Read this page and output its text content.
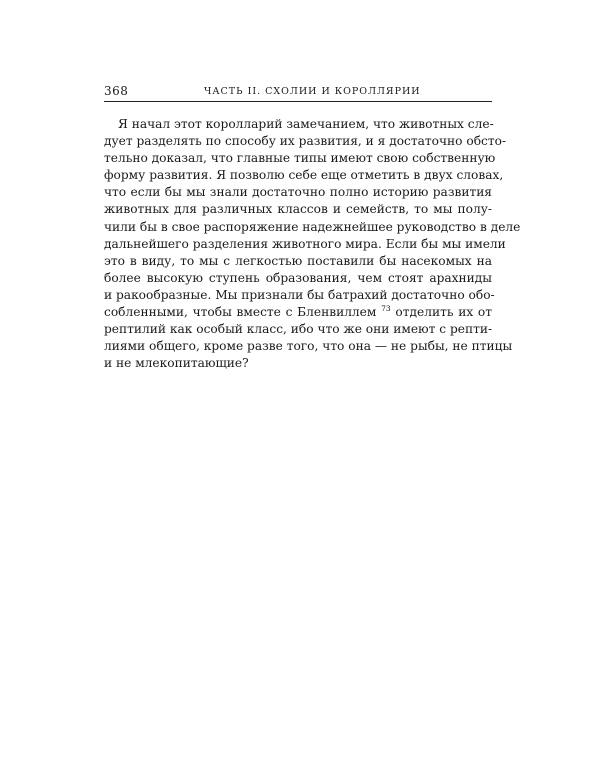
368	ЧАСТЬ II. СХОЛИИ И КОРОЛЛЯРИИ
Я начал этот королларий замечанием, что животных сле-
дует разделять по способу их развития, и я достаточно обсто-
тельно доказал, что главные типы имеют свою собственную
форму развития. Я позволю себе еще отметить в двух словах,
что если бы мы знали достаточно полно историю развития
животных для различных классов и семейств, то мы полу-
чили бы в свое распоряжение надежнейшее руководство в деле
дальнейшего разделения животного мира. Если бы мы имели
это в виду, то мы с легкостью поставили бы насекомых на
более высокую ступень образования, чем стоят арахниды
и ракообразные. Мы признали бы батрахий достаточно обо-
собленными, чтобы вместе с Бленвиллем $^{73}$ отделить их от
рептилий как особый класс, ибо что же они имеют с репти-
лиями общего, кроме разве того, что она — не рыбы, не птицы
и не млекопитающие?
